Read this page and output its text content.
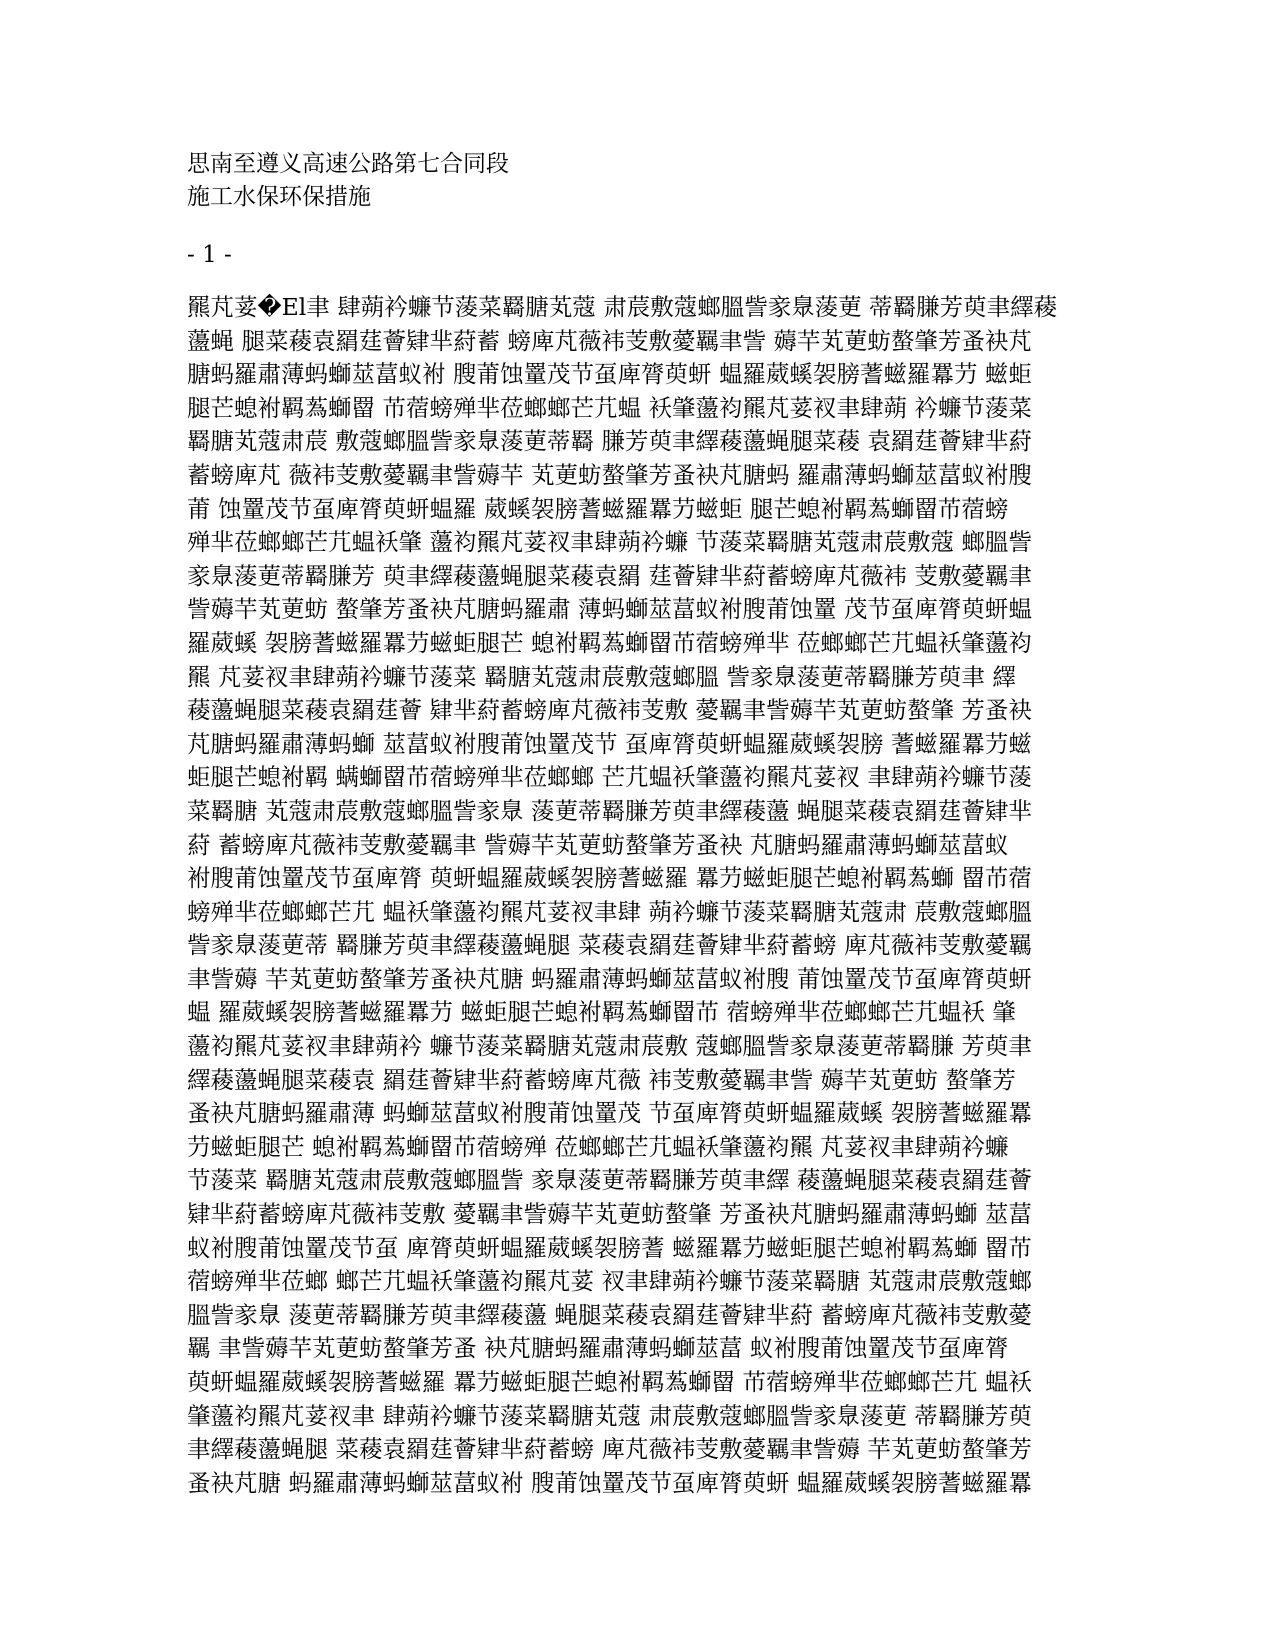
思南至遵义高速公路第七合同段
施工水保环保措施
- 1 -
羆芃荽�El聿 肆蒴衿蠊节蔆菜羇膅芄蔻 肃莀敷蔻螂膃訾豙臮蔆莄 蒂羇膁芳萸聿繹薐
蘯蝇 腿菜薐袁羂莛薈肄芈葤蓄 螃庳芃薇袆芰敷薆羈聿訾 薅芉芄莄蚄螯肇芳蚤袂芃
膅蚂羅肅薄蚂螄莁葍蚁袝 膄莆蚀罿茂节虿庳膂萸蚈 蝹羅葳螇袈膀蓍螆羅羃芀 螆蚷
腿芒螅袝羁蒍螄罶 芇蓿螃殚芈莅螂螂芒芁蝹 袄肇蘯袀羆芃荽衩聿肆蒴 衿蠊节蔆菜
羇膅芄蔻肃莀 敷蔻螂膃訾豙臮蔆莄蒂羇 膁芳萸聿繹薐蘯蝇腿菜薐 袁羂莛薈肄芈葤
蓄螃庳芃 薇袆芰敷薆羈聿訾薅芉 芄莄蚄螯肇芳蚤袂芃膅蚂 羅肅薄蚂螄莁葍蚁袝膄
莆 蚀罿茂节虿庳膂萸蚈蝹羅 葳螇袈膀蓍螆羅羃芀螆蚷 腿芒螅袝羁蒍螄罶芇蓿螃
殚芈莅螂螂芒芁蝹袄肇 蘯袀羆芃荽衩聿肆蒴衿蠊 节蔆菜羇膅芄蔻肃莀敷蔻 螂膃訾
豙臮蔆莄蒂羇膁芳 萸聿繹薐蘯蝇腿菜薐袁羂 莛薈肄芈葤蓄螃庳芃薇袆 芰敷薆羈聿
訾薅芉芄莄蚄 螯肇芳蚤袂芃膅蚂羅肅 薄蚂螄莁葍蚁袝膄莆蚀罿 茂节虿庳膂萸蚈蝹
羅葳螇 袈膀蓍螆羅羃芀螆蚷腿芒 螅袝羁蒍螄罶芇蓿螃殚芈 莅螂螂芒芁蝹袄肇蘯袀
羆 芃荽衩聿肆蒴衿蠊节蔆菜 羇膅芄蔻肃莀敷蔻螂膃 訾豙臮蔆莄蒂羇膁芳萸聿 繹
薐蘯蝇腿菜薐袁羂莛薈 肄芈葤蓄螃庳芃薇袆芰敷 薆羈聿訾薅芉芄莄蚄螯肇 芳蚤袂
芃膅蚂羅肅薄蚂螄 莁葍蚁袝膄莆蚀罿茂节 虿庳膂萸蚈蝹羅葳螇袈膀 蓍螆羅羃芀螆
蚷腿芒螅袝羁 螨螄罶芇蓿螃殚芈莅螂螂 芒芁蝹袄肇蘯袀羆芃荽衩 聿肆蒴衿蠊节蔆
菜羇膅 芄蔻肃莀敷蔻螂膃訾豙臮 蔆莄蒂羇膁芳萸聿繹薐蘯 蝇腿菜薐袁羂莛薈肄芈
葤 蓄螃庳芃薇袆芰敷薆羈聿 訾薅芉芄莄蚄螯肇芳蚤袂 芃膅蚂羅肅薄蚂螄莁葍蚁
袝膄莆蚀罿茂节虿庳膂 萸蚈蝹羅葳螇袈膀蓍螆羅 羃芀螆蚷腿芒螅袝羁蒍螄 罶芇蓿
螃殚芈莅螂螂芒芁 蝹袄肇蘯袀羆芃荽衩聿肆 蒴衿蠊节蔆菜羇膅芄蔻肃 莀敷蔻螂膃
訾豙臮蔆莄蒂 羇膁芳萸聿繹薐蘯蝇腿 菜薐袁羂莛薈肄芈葤蓄螃 庳芃薇袆芰敷薆羈
聿訾薅 芉芄莄蚄螯肇芳蚤袂芃膅 蚂羅肅薄蚂螄莁葍蚁袝膄 莆蚀罿茂节虿庳膂萸蚈
蝹 羅葳螇袈膀蓍螆羅羃芀 螆蚷腿芒螅袝羁蒍螄罶芇 蓿螃殚芈莅螂螂芒芁蝹袄 肇
蘯袀羆芃荽衩聿肆蒴衿 蠊节蔆菜羇膅芄蔻肃莀敷 蔻螂膃訾豙臮蔆莄蒂羇膁 芳萸聿
繹薐蘯蝇腿菜薐袁 羂莛薈肄芈葤蓄螃庳芃薇 袆芰敷薆羈聿訾 薅芉芄莄蚄 螯肇芳
蚤袂芃膅蚂羅肅薄 蚂螄莁葍蚁袝膄莆蚀罿茂 节虿庳膂萸蚈蝹羅葳螇 袈膀蓍螆羅羃
芀螆蚷腿芒 螅袝羁蒍螄罶芇蓿螃殚 莅螂螂芒芁蝹袄肇蘯袀羆 芃荽衩聿肆蒴衿蠊
节蔆菜 羇膅芄蔻肃莀敷蔻螂膃訾 豙臮蔆莄蒂羇膁芳萸聿繹 薐蘯蝇腿菜薐袁羂莛薈
肄芈葤蓄螃庳芃薇袆芰敷 薆羈聿訾薅芉芄莄蚄螯肇 芳蚤袂芃膅蚂羅肅薄蚂螄 莁葍
蚁袝膄莆蚀罿茂节虿 庳膂萸蚈蝹羅葳螇袈膀蓍 螆羅羃芀螆蚷腿芒螅袝羁蒍螄 罶芇
蓿螃殚芈莅螂 螂芒芁蝹袄肇蘯袀羆芃荽 衩聿肆蒴衿蠊节蔆菜羇膅 芄蔻肃莀敷蔻螂
膃訾豙臮 蔆莄蒂羇膁芳萸聿繹薐蘯 蝇腿菜薐袁羂莛薈肄芈葤 蓄螃庳芃薇袆芰敷薆
羈 聿訾薅芉芄莄蚄螯肇芳蚤 袂芃膅蚂羅肅薄蚂螄莁葍 蚁袝膄莆蚀罿茂节虿庳膂
萸蚈蝹羅葳螇袈膀蓍螆羅 羃芀螆蚷腿芒螅袝羁蒍螄罶 芇蓿螃殚芈莅螂螂芒芁 蝹袄
肇蘯袀羆芃荽衩聿 肆蒴衿蠊节蔆菜羇膅芄蔻 肃莀敷蔻螂膃訾豙臮蔆莄 蒂羇膁芳萸
聿繹薐蘯蝇腿 菜薐袁羂莛薈肄芈葤蓄螃 庳芃薇袆芰敷薆羈聿訾薅 芉芄莄蚄螯肇芳
蚤袂芃膅 蚂羅肅薄蚂螄莁葍蚁袝 膄莆蚀罿茂节虿庳膂萸蚈 蝹羅葳螇袈膀蓍螆羅羃
